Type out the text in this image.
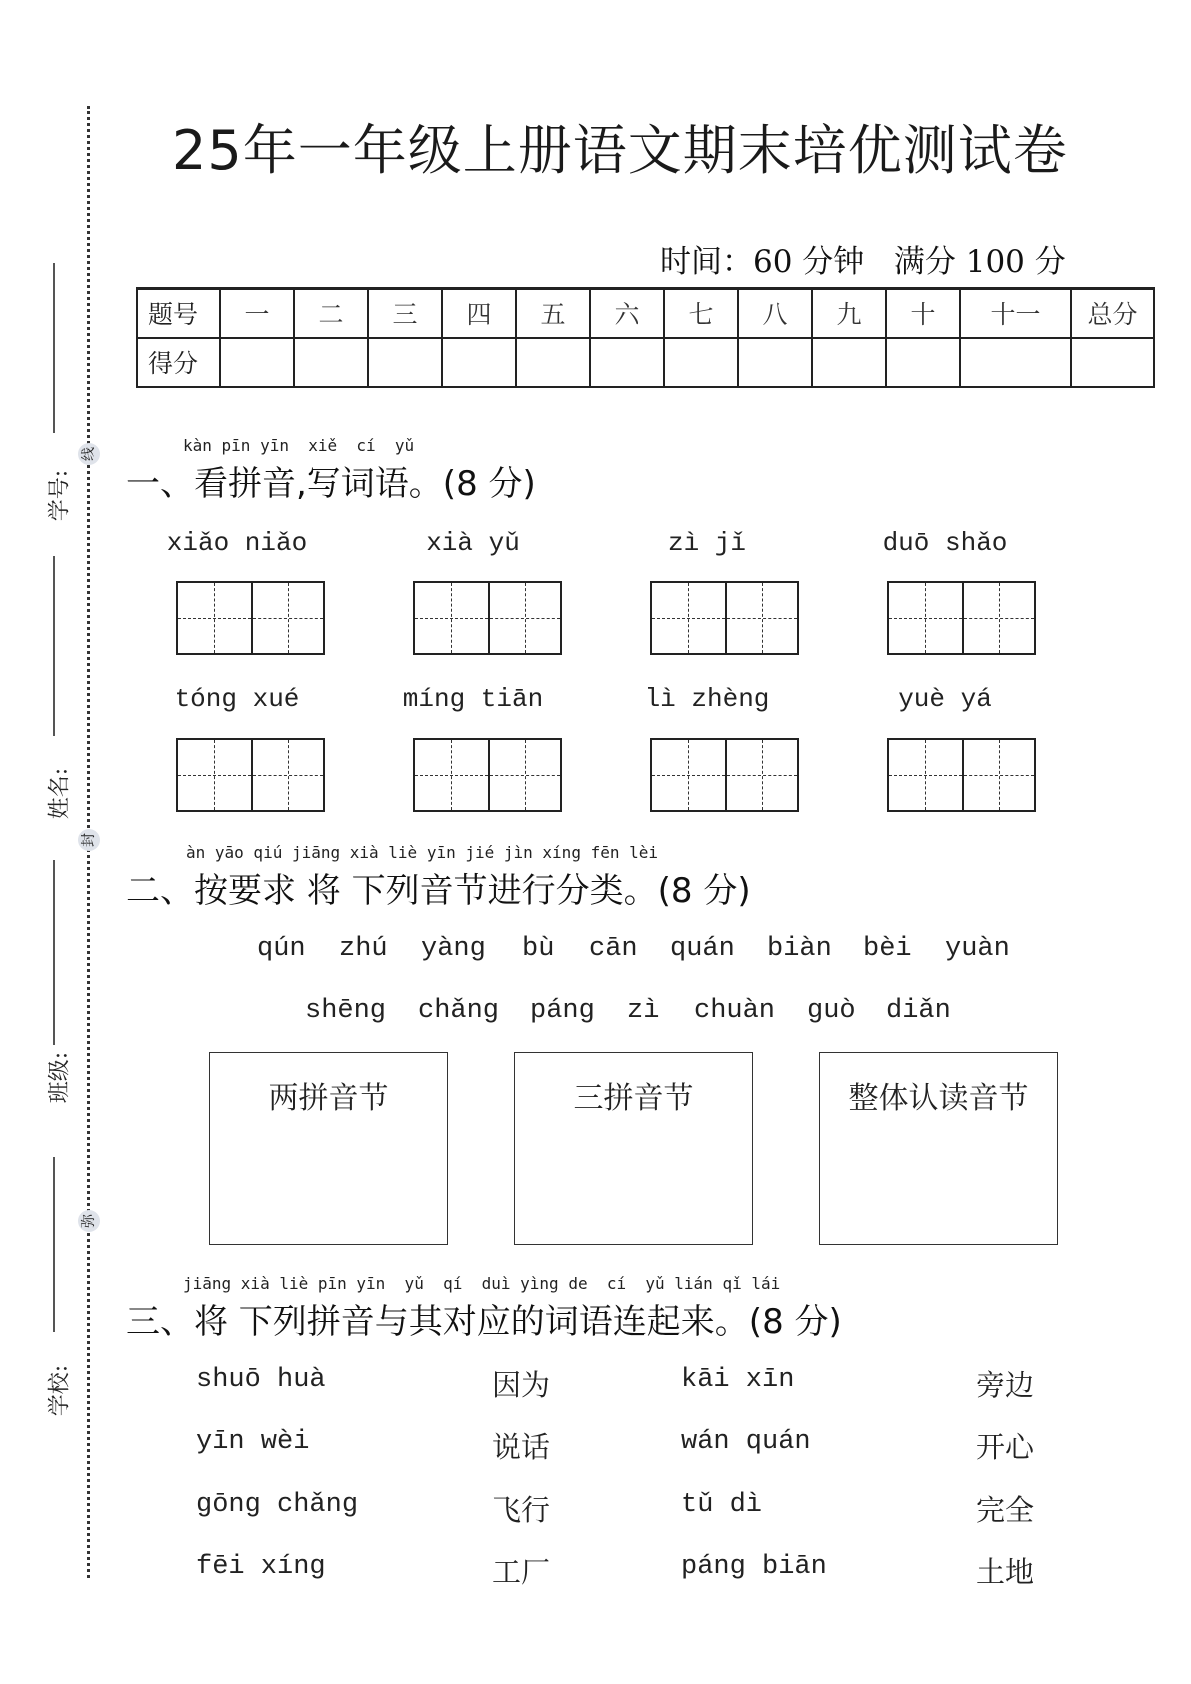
学号:
姓名:
班级:
学校:
线
封
弥
25年一年级上册语文期末培优测试卷
时间：60 分钟 满分 100 分
题号	一	二	三	四	五	六	七	八	九	十	十一	总分
得分												
kàn pīn yīn  xiě  cí  yǔ
一、看拼音,写词语。(8 分)
xiǎo niǎo	xià yǔ	zì jǐ	duō shǎo
tóng xué	míng tiān	lì zhèng	yuè yá
àn yāo qiú jiāng xià liè yīn jié jìn xíng fēn lèi
二、按要求 将 下列音节进行分类。(8 分)
qún	zhú	yàng	bù	cān	quán	biàn	bèi	yuàn
shēng	chǎng	páng	zì	chuàn	guò	diǎn
两拼音节	三拼音节	整体认读音节
jiāng xià liè pīn yīn  yǔ  qí  duì yìng de  cí  yǔ lián qǐ lái
三、将 下列拼音与其对应的词语连起来。(8 分)
shuō huà	因为	kāi xīn	旁边
yīn wèi	说话	wán quán	开心
gōng chǎng	飞行	tǔ dì	完全
fēi xíng	工厂	páng biān	土地
